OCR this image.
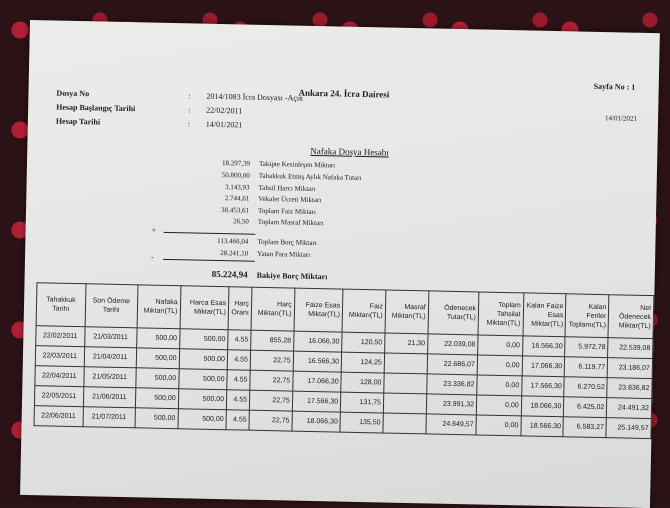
Ankara 24. İcra Dairesi
Sayfa No : 1
14/01/2021
Dosya No	: 2014/1083 İcra Dosyası -Açık
Hesap Başlangıç Tarihi	: 22/02/2011
Hesap Tarihi	: 14/01/2021
Nafaka Dosya Hesabı
18.297,39 Takipte Kesinleşen Miktarı
50.800,00 Tahakkuk Etmiş Aylık Nafaka Tutarı
3.143,93 Tahsil Harcı Miktarı
2.744,61 Vekalet Ücreti Miktarı
38.453,61 Toplam Faiz Miktarı
26,50 Toplam Masraf Miktarı
113.466,04 Toplam Borç Miktarı
28.241,10 Yatan Para Miktarı
+
-
85.224,94 Bakiye Borç Miktarı
Tahakkuk Tarihi	Son Ödeme Tarihi	Nafaka Miktarı(TL)	Harca Esas Miktar(TL)	Harç Oranı	Harç Miktarı(TL)	Faize Esas Miktar(TL)	Faiz Miktarı(TL)	Masraf Miktarı(TL)	Ödenecek Tutar(TL)	Toplam Tahsilat Miktarı(TL)	Kalan Faize Esas Miktar(TL)	Kalan Feriler Toplamı(TL)	Net Ödenecek Miktar(TL)
22/02/2011	21/03/2011	500,00	500,00	4.55	855,28	16.066,30	120,50	21,30	22.039,08	0,00	16.566,30	5.972,78	22.539,08
22/03/2011	21/04/2011	500,00	500,00	4.55	22,75	16.566,30	124,25		22.686,07	0,00	17.066,30	6.119,77	23.186,07
22/04/2011	21/05/2011	500,00	500,00	4.55	22,75	17.066,30	128,00		23.336,82	0,00	17.566,30	6.270,52	23.836,82
22/05/2011	21/06/2011	500,00	500,00	4.55	22,75	17.566,30	131,75		23.991,32	0,00	18.066,30	6.425,02	24.491,32
22/06/2011	21/07/2011	500,00	500,00	4.55	22,75	18.066,30	135,50		24.649,57	0,00	18.566,30	6.583,27	25.149,57
